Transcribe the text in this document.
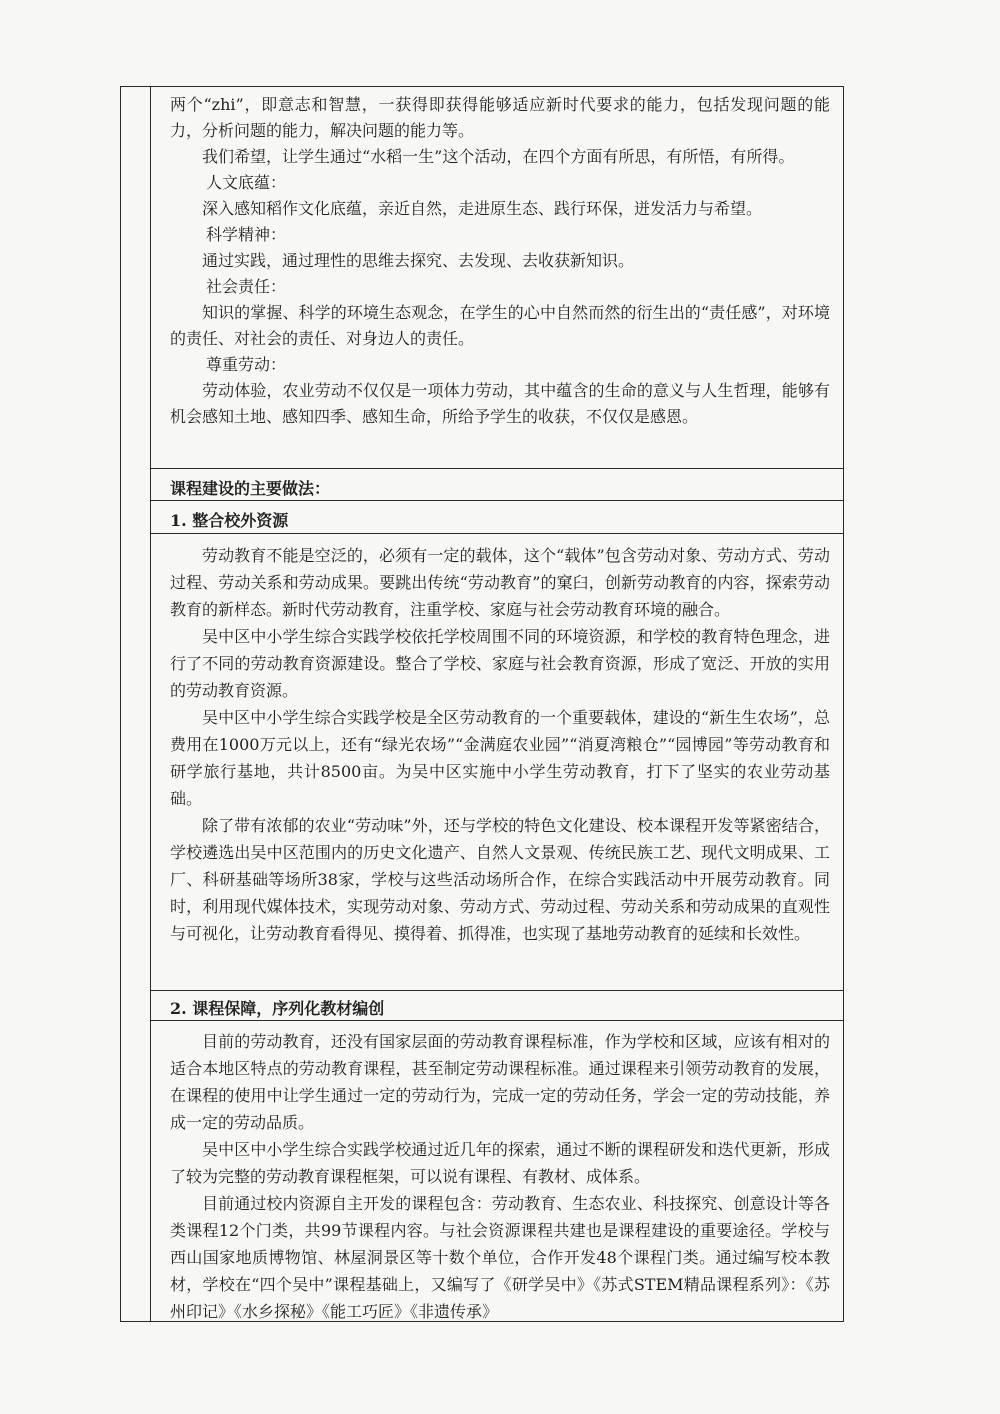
两个“zhi”，即意志和智慧，一获得即获得能够适应新时代要求的能力，包括发现问题的能力，分析问题的能力，解决问题的能力等。

我们希望，让学生通过“水稻一生”这个活动，在四个方面有所思，有所悟，有所得。

人文底蕴：

深入感知稻作文化底蕴，亲近自然，走进原生态、践行环保，迸发活力与希望。

科学精神：

通过实践，通过理性的思维去探究、去发现、去收获新知识。

社会责任：

知识的掌握、科学的环境生态观念，在学生的心中自然而然的衍生出的“责任感”，对环境的责任、对社会的责任、对身边人的责任。

尊重劳动：

劳动体验，农业劳动不仅仅是一项体力劳动，其中蕴含的生命的意义与人生哲理，能够有机会感知土地、感知四季、感知生命，所给予学生的收获，不仅仅是感恩。

课程建设的主要做法：
1. 整合校外资源

劳动教育不能是空泛的，必须有一定的载体，这个“载体”包含劳动对象、劳动方式、劳动过程、劳动关系和劳动成果。要跳出传统“劳动教育”的窠臼，创新劳动教育的内容，探索劳动教育的新样态。新时代劳动教育，注重学校、家庭与社会劳动教育环境的融合。

吴中区中小学生综合实践学校依托学校周围不同的环境资源，和学校的教育特色理念，进行了不同的劳动教育资源建设。整合了学校、家庭与社会教育资源，形成了宽泛、开放的实用的劳动教育资源。

吴中区中小学生综合实践学校是全区劳动教育的一个重要载体，建设的“新生生农场”，总费用在1000万元以上，还有“绿光农场”“金满庭农业园”“消夏湾粮仓”“园博园”等劳动教育和研学旅行基地，共计8500亩。为吴中区实施中小学生劳动教育，打下了坚实的农业劳动基础。

除了带有浓郁的农业“劳动味”外，还与学校的特色文化建设、校本课程开发等紧密结合，学校遴选出吴中区范围内的历史文化遗产、自然人文景观、传统民族工艺、现代文明成果、工厂、科研基础等场所38家，学校与这些活动场所合作，在综合实践活动中开展劳动教育。同时，利用现代媒体技术，实现劳动对象、劳动方式、劳动过程、劳动关系和劳动成果的直观性与可视化，让劳动教育看得见、摸得着、抓得准，也实现了基地劳动教育的延续和长效性。

2. 课程保障，序列化教材编创

目前的劳动教育，还没有国家层面的劳动教育课程标准，作为学校和区域，应该有相对的适合本地区特点的劳动教育课程，甚至制定劳动课程标准。通过课程来引领劳动教育的发展，在课程的使用中让学生通过一定的劳动行为，完成一定的劳动任务，学会一定的劳动技能，养成一定的劳动品质。

吴中区中小学生综合实践学校通过近几年的探索，通过不断的课程研发和迭代更新，形成了较为完整的劳动教育课程框架，可以说有课程、有教材、成体系。

目前通过校内资源自主开发的课程包含：劳动教育、生态农业、科技探究、创意设计等各类课程12个门类，共99节课程内容。与社会资源课程共建也是课程建设的重要途径。学校与西山国家地质博物馆、林屋洞景区等十数个单位，合作开发48个课程门类。通过编写校本教材，学校在“四个吴中”课程基础上，又编写了《研学吴中》《苏式STEM精品课程系列》：《苏州印记》《水乡探秘》《能工巧匠》《非遗传承》
